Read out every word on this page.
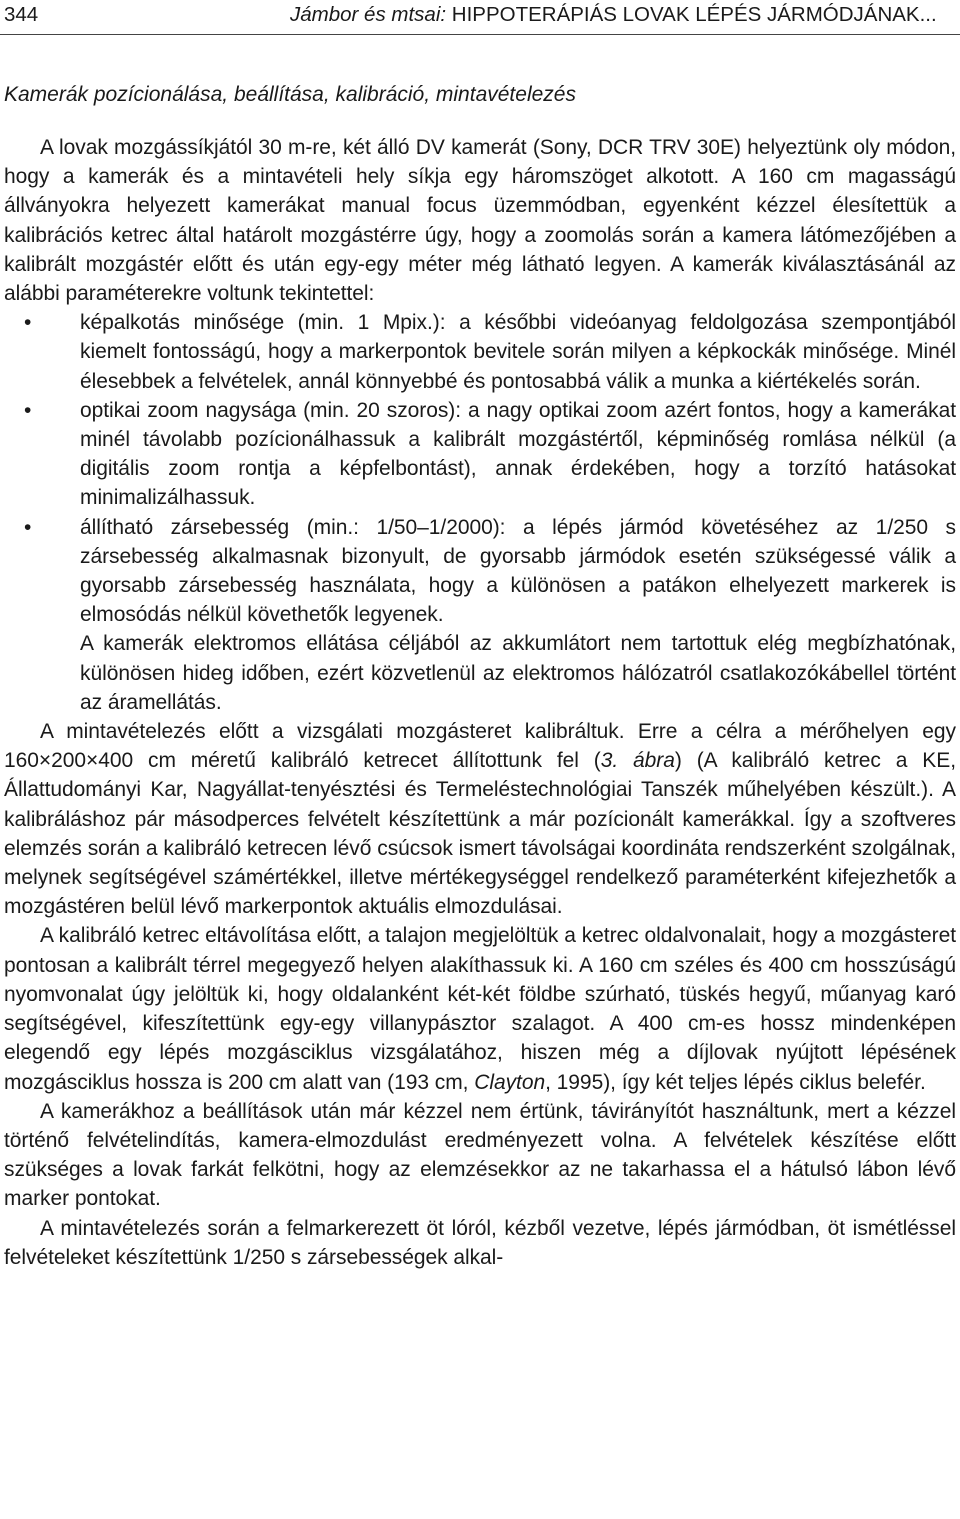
344	Jámbor és mtsai: HIPPOTERÁPIÁS LOVAK LÉPÉS JÁRMÓDJÁNAK...
Kamerák pozícionálása, beállítása, kalibráció, mintavételezés

A lovak mozgássíkjától 30 m-re, két álló DV kamerát (Sony, DCR TRV 30E) helyeztünk oly módon, hogy a kamerák és a mintavételi hely síkja egy háromszöget alkotott. A 160 cm magasságú állványokra helyezett kamerákat manual focus üzemmódban, egyenként kézzel élesítettük a kalibrációs ketrec által határolt mozgástérre úgy, hogy a zoomolás során a kamera látómezőjében a kalibrált mozgástér előtt és után egy-egy méter még látható legyen. A kamerák kiválasztásánál az alábbi paraméterekre voltunk tekintettel:

• képalkotás minősége (min. 1 Mpix.): a későbbi videóanyag feldolgozása szempontjából kiemelt fontosságú, hogy a markerpontok bevitele során milyen a képkockák minősége. Minél élesebbek a felvételek, annál könnyebbé és pontosabbá válik a munka a kiértékelés során.
• optikai zoom nagysága (min. 20 szoros): a nagy optikai zoom azért fontos, hogy a kamerákat minél távolabb pozícionálhassuk a kalibrált mozgástértől, képminőség romlása nélkül (a digitális zoom rontja a képfelbontást), annak érdekében, hogy a torzító hatásokat minimalizálhassuk.
• állítható zársebesség (min.: 1/50–1/2000): a lépés jármód követéséhez az 1/250 s zársebesség alkalmasnak bizonyult, de gyorsabb jármódok esetén szükségessé válik a gyorsabb zársebesség használata, hogy a különösen a patákon elhelyezett markerek is elmosódás nélkül követhetők legyenek.

A kamerák elektromos ellátása céljából az akkumlátort nem tartottuk elég megbízhatónak, különösen hideg időben, ezért közvetlenül az elektromos hálózatról csatlakozókábellel történt az áramellátás.

A mintavételezés előtt a vizsgálati mozgásteret kalibráltuk. Erre a célra a mérőhelyen egy 160×200×400 cm méretű kalibráló ketrecet állítottunk fel (3. ábra) (A kalibráló ketrec a KE, Állattudományi Kar, Nagyállat-tenyésztési és Termeléstechnológiai Tanszék műhelyében készült.). A kalibráláshoz pár másodperces felvételt készítettünk a már pozícionált kamerákkal. Így a szoftveres elemzés során a kalibráló ketrecen lévő csúcsok ismert távolságai koordináta rendszerként szolgálnak, melynek segítségével számértékkel, illetve mértékegységgel rendelkező paraméterként kifejezhetők a mozgástéren belül lévő markerpontok aktuális elmozdulásai.

A kalibráló ketrec eltávolítása előtt, a talajon megjelöltük a ketrec oldalvonalait, hogy a mozgásteret pontosan a kalibrált térrel megegyező helyen alakíthassuk ki. A 160 cm széles és 400 cm hosszúságú nyomvonalat úgy jelöltük ki, hogy oldalanként két-két földbe szúrható, tüskés hegyű, műanyag karó segítségével, kifeszítettünk egy-egy villanypásztor szalagot. A 400 cm-es hossz mindenképen elegendő egy lépés mozgásciklus vizsgálatához, hiszen még a díjlovak nyújtott lépésének mozgásciklus hossza is 200 cm alatt van (193 cm, Clayton, 1995), így két teljes lépés ciklus belefér.

A kamerákhoz a beállítások után már kézzel nem értünk, távirányítót használtunk, mert a kézzel történő felvételindítás, kamera-elmozdulást eredményezett volna. A felvételek készítése előtt szükséges a lovak farkát felkötni, hogy az elemzésekkor az ne takarhassa el a hátulsó lábon lévő marker pontokat.

A mintavételezés során a felmarkerezett öt lóról, kézből vezetve, lépés jármódban, öt ismétléssel felvételeket készítettünk 1/250 s zársebességek alkal-
